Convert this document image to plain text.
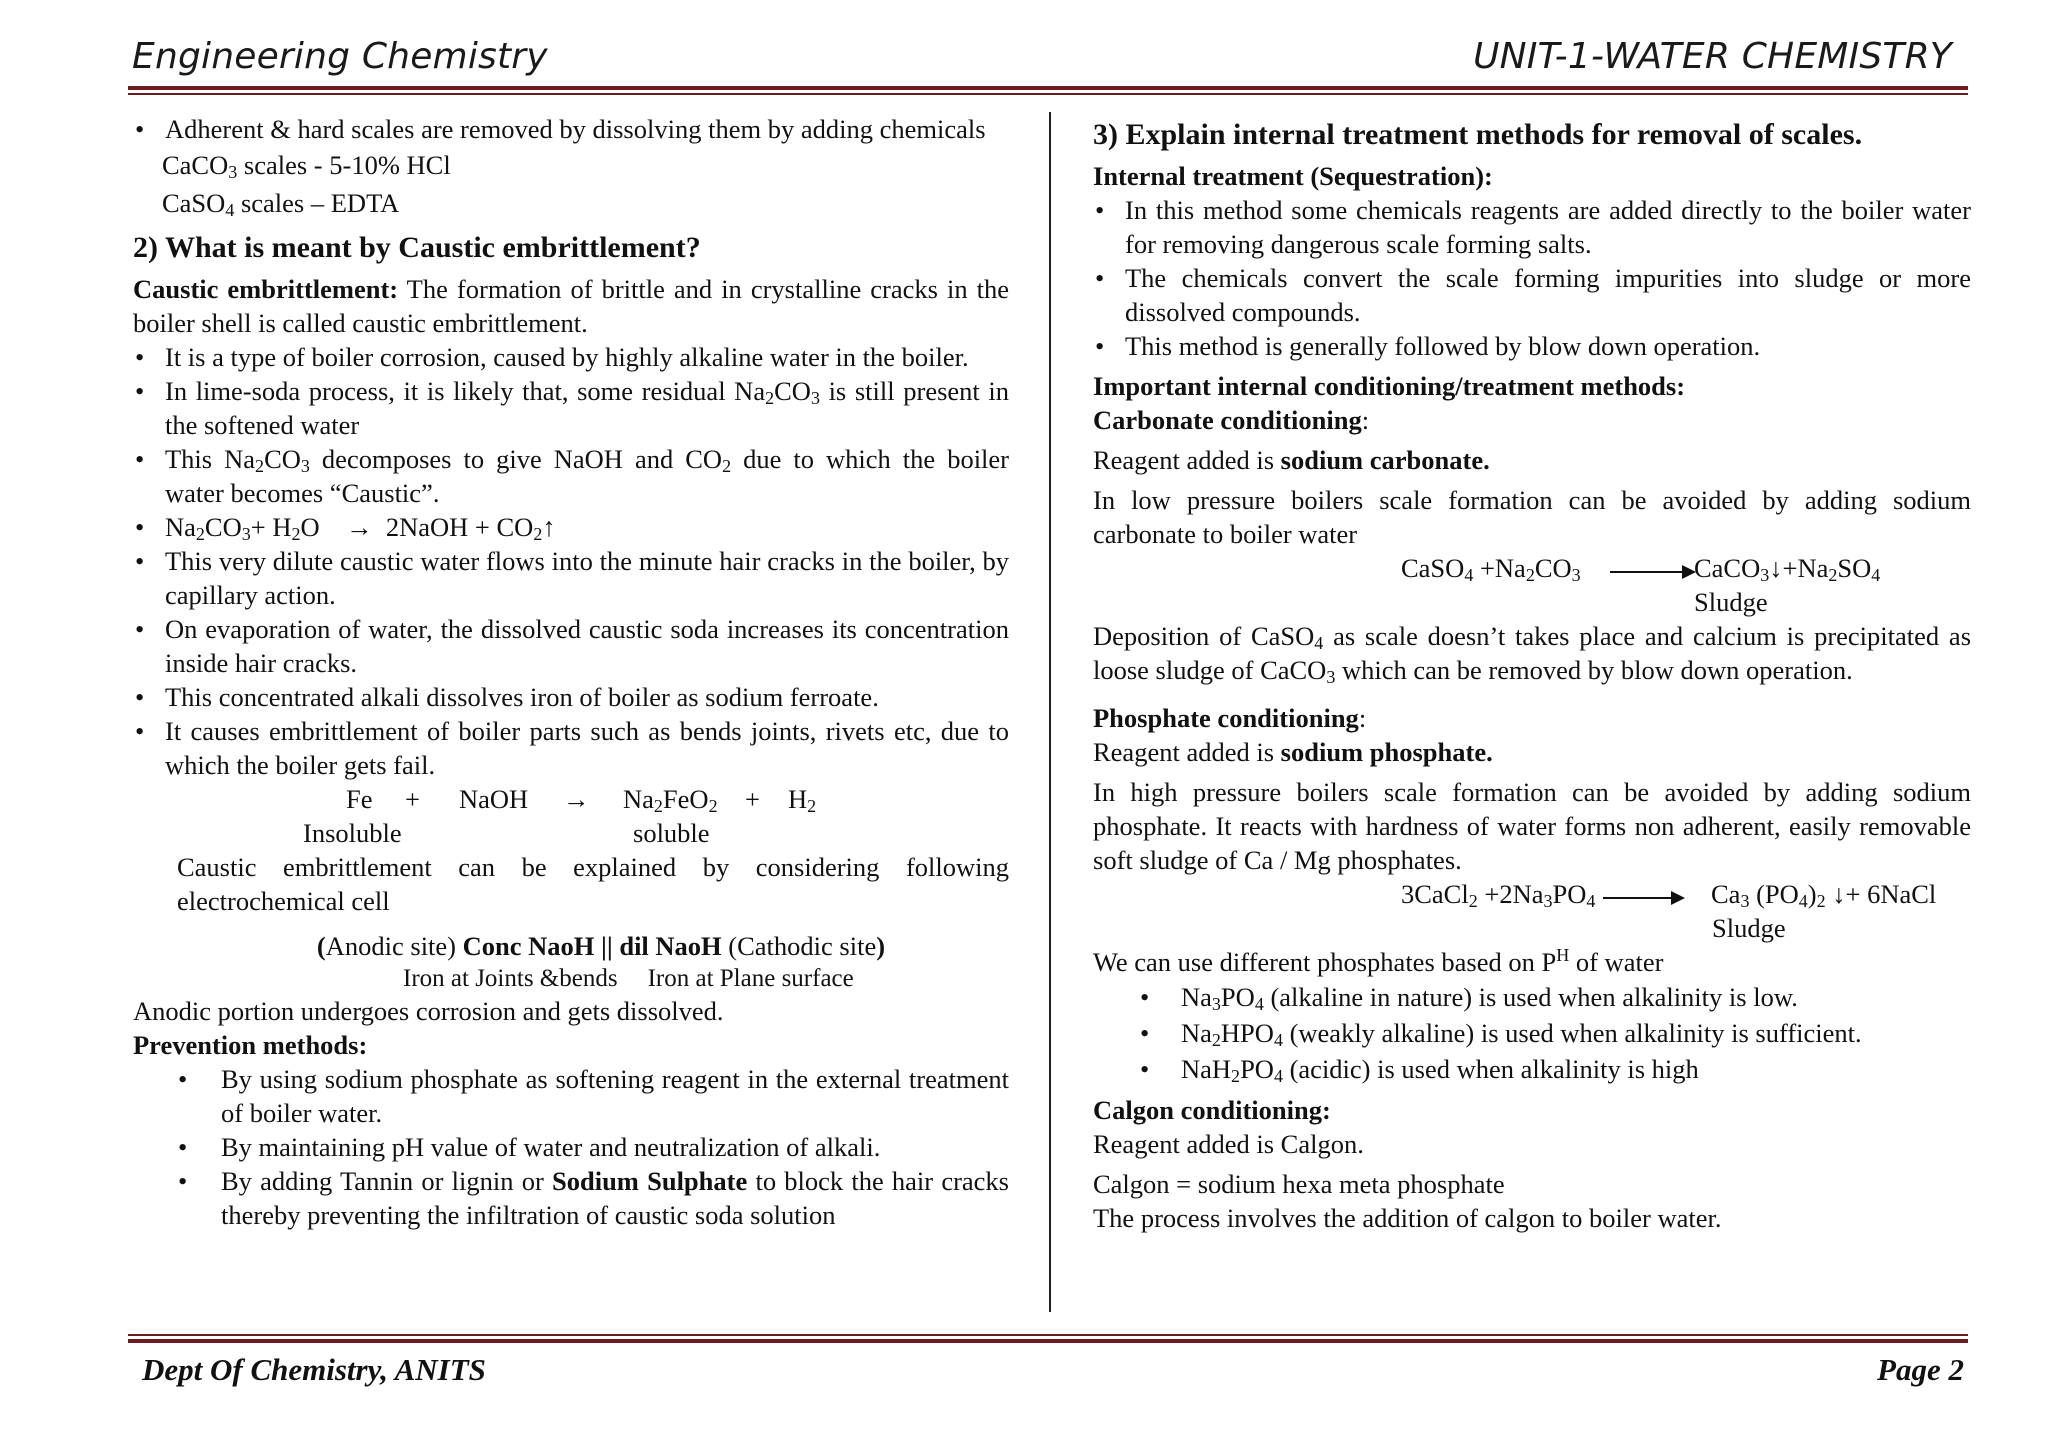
Engineering Chemistry	UNIT-1-WATER CHEMISTRY
• Adherent & hard scales are removed by dissolving them by adding chemicals

CaCO$_3$ scales - 5-10% HCl

CaSO$_4$ scales – EDTA

2) What is meant by Caustic embrittlement?

Caustic embrittlement: The formation of brittle and in crystalline cracks in the boiler shell is called caustic embrittlement.

• It is a type of boiler corrosion, caused by highly alkaline water in the boiler.
• In lime-soda process, it is likely that, some residual $Na_2CO_3$ is still present in the softened water
• This $Na_2CO_3$ decomposes to give NaOH and $CO_2$ due to which the boiler water becomes “Caustic”.
• $Na_2CO_3+ H_2O$    →  2NaOH + $CO_2↑$
• This very dilute caustic water flows into the minute hair cracks in the boiler, by capillary action.
• On evaporation of water, the dissolved caustic soda increases its concentration inside hair cracks.
• This concentrated alkali dissolves iron of boiler as sodium ferroate.
• It causes embrittlement of boiler parts such as bends joints, rivets etc, due to which the boiler gets fail.
Fe + NaOH → $Na_2FeO_2 + H_2$
Insoluble	soluble

Caustic embrittlement can be explained by considering following electrochemical cell

(Anodic site) Conc NaoH || dil NaoH (Cathodic site)

Iron at Joints &bends Iron at Plane surface

Anodic portion undergoes corrosion and gets dissolved.

Prevention methods:

• By using sodium phosphate as softening reagent in the external treatment of boiler water.
• By maintaining pH value of water and neutralization of alkali.
• By adding Tannin or lignin or Sodium Sulphate to block the hair cracks thereby preventing the infiltration of caustic soda solution
3) Explain internal treatment methods for removal of scales.

Internal treatment (Sequestration):

• In this method some chemicals reagents are added directly to the boiler water for removing dangerous scale forming salts.
• The chemicals convert the scale forming impurities into sludge or more dissolved compounds.
• This method is generally followed by blow down operation.

Important internal conditioning/treatment methods:

Carbonate conditioning:

Reagent added is sodium carbonate.

In low pressure boilers scale formation can be avoided by adding sodium carbonate to boiler water

CaSO$_4$ $+Na_2CO_3$ → $CaCO_3↓+Na_2SO_4$
Sludge

Deposition of CaSO$_4$ as scale doesn’t takes place and calcium is precipitated as loose sludge of CaCO$_3$ which can be removed by blow down operation.

Phosphate conditioning:

Reagent added is sodium phosphate.

In high pressure boilers scale formation can be avoided by adding sodium phosphate. It reacts with hardness of water forms non adherent, easily removable soft sludge of Ca / Mg phosphates.

3CaCl$_2$ $+2Na_3PO_4 \to Ca_3$ $(PO_4)_2$ ↓+ 6NaCl
Sludge

We can use different phosphates based on $P^H$ of water

• $Na_3PO_4$ (alkaline in nature) is used when alkalinity is low.
• $Na_2HPO_4$ (weakly alkaline) is used when alkalinity is sufficient.
• $NaH_2PO_4$ (acidic) is used when alkalinity is high

Calgon conditioning:

Reagent added is Calgon.

Calgon = sodium hexa meta phosphate

The process involves the addition of calgon to boiler water.

Dept Of Chemistry, ANITS	Page 2
